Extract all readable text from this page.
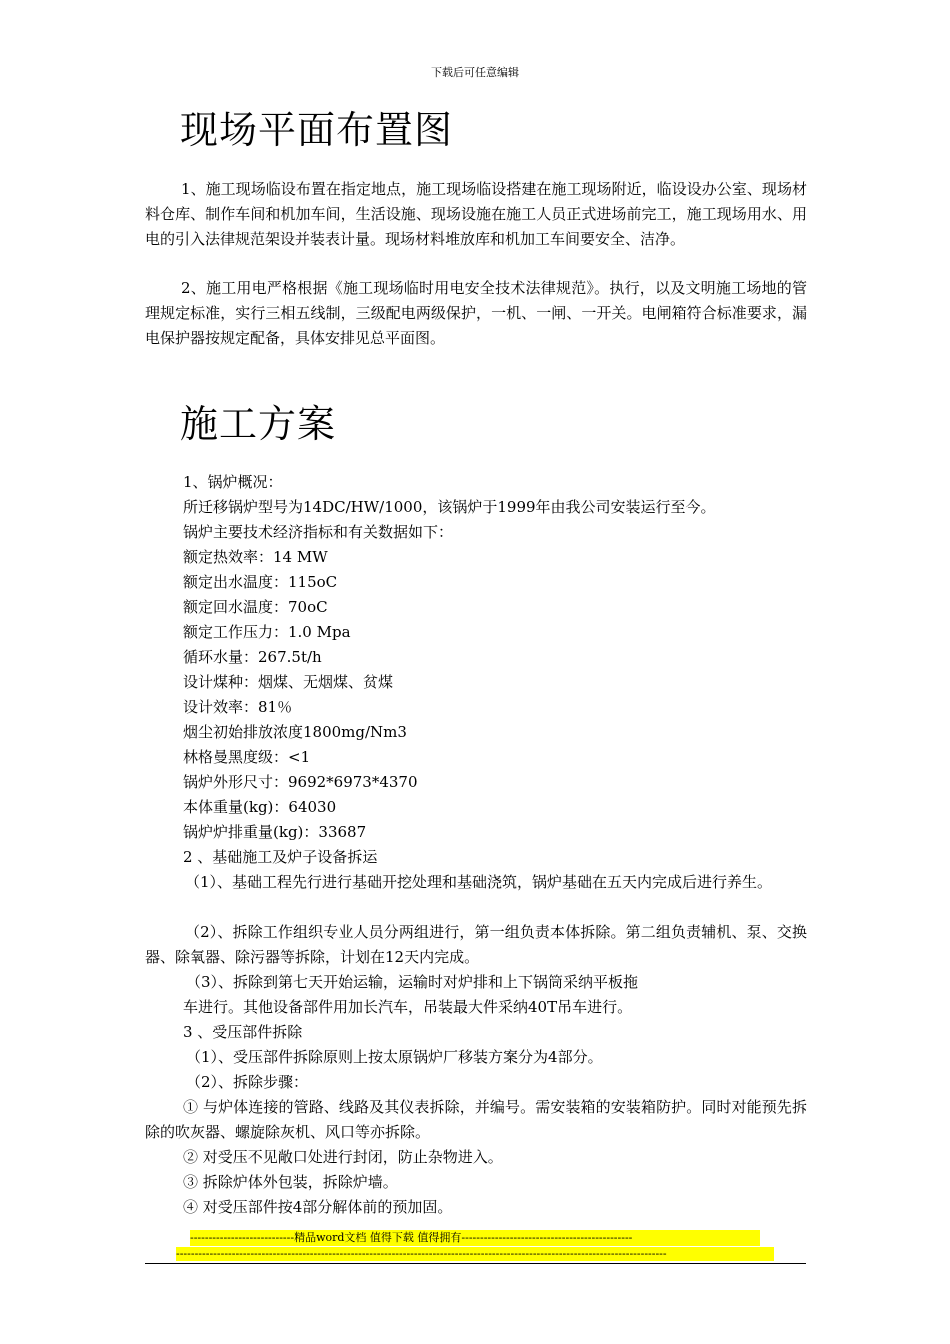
下载后可任意编辑
现场平面布置图

1、施工现场临设布置在指定地点，施工现场临设搭建在施工现场附近，临设设办公室、现场材料仓库、制作车间和机加车间，生活设施、现场设施在施工人员正式进场前完工，施工现场用水、用电的引入法律规范架设并装表计量。现场材料堆放库和机加工车间要安全、洁净。

2、施工用电严格根据《施工现场临时用电安全技术法律规范》。执行，以及文明施工场地的管理规定标准，实行三相五线制，三级配电两级保护，一机、一闸、一开关。电闸箱符合标准要求，漏电保护器按规定配备，具体安排见总平面图。

施工方案

1、锅炉概况：

所迁移锅炉型号为14DC/HW/1000，该锅炉于1999年由我公司安装运行至今。

锅炉主要技术经济指标和有关数据如下：

额定热效率：14 MW

额定出水温度：115oC

额定回水温度：70oC

额定工作压力：1.0 Mpa

循环水量：267.5t/h

设计煤种：烟煤、无烟煤、贫煤

设计效率：81％

烟尘初始排放浓度1800mg/Nm3

林格曼黑度级：<1

锅炉外形尺寸：9692*6973*4370

本体重量(kg)：64030

锅炉炉排重量(kg)：33687

2 、基础施工及炉子设备拆运

（1）、基础工程先行进行基础开挖处理和基础浇筑，锅炉基础在五天内完成后进行养生。

（2）、拆除工作组织专业人员分两组进行，第一组负责本体拆除。第二组负责辅机、泵、交换器、除氧器、除污器等拆除，计划在12天内完成。

（3）、拆除到第七天开始运输，运输时对炉排和上下锅筒采纳平板拖

车进行。其他设备部件用加长汽车，吊装最大件采纳40T吊车进行。

3 、受压部件拆除

（1）、受压部件拆除原则上按太原锅炉厂移装方案分为4部分。

（2）、拆除步骤：

① 与炉体连接的管路、线路及其仪表拆除，并编号。需安装箱的安装箱防护。同时对能预先拆除的吹灰器、螺旋除灰机、风口等亦拆除。

② 对受压不见敞口处进行封闭，防止杂物进入。

③ 拆除炉体外包装，拆除炉墙。

④ 对受压部件按4部分解体前的预加固。

----------------------------精品word文档 值得下载 值得拥有----------------------------------------------
------------------------------------------------------------------------------------------------------------------------------------
